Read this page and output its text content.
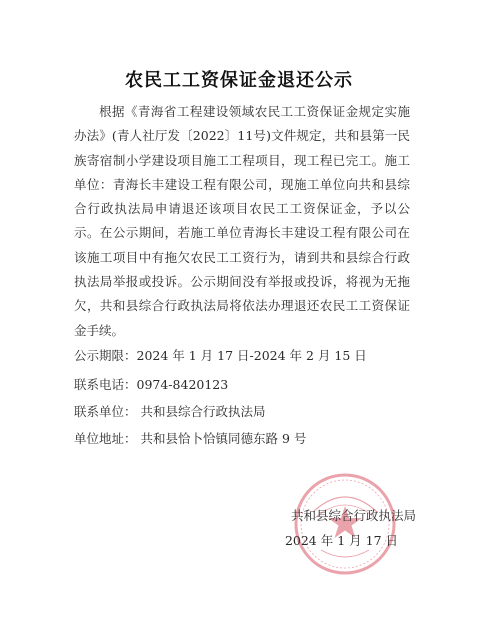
农民工工资保证金退还公示
根据《青海省工程建设领域农民工工资保证金规定实施办法》(青人社厅发〔2022〕11号)文件规定，共和县第一民族寄宿制小学建设项目施工工程项目，现工程已完工。施工单位：青海长丰建设工程有限公司，现施工单位向共和县综合行政执法局申请退还该项目农民工工资保证金，予以公示。在公示期间，若施工单位青海长丰建设工程有限公司在该施工项目中有拖欠农民工工资行为，请到共和县综合行政执法局举报或投诉。公示期间没有举报或投诉，将视为无拖欠，共和县综合行政执法局将依法办理退还农民工工资保证金手续。
公示期限：2024 年 1 月 17 日-2024 年 2 月 15 日
联系电话：0974-8420123
联系单位： 共和县综合行政执法局
单位地址： 共和县恰卜恰镇同德东路 9 号
共和县综合行政执法局
2024 年 1 月 17 日
